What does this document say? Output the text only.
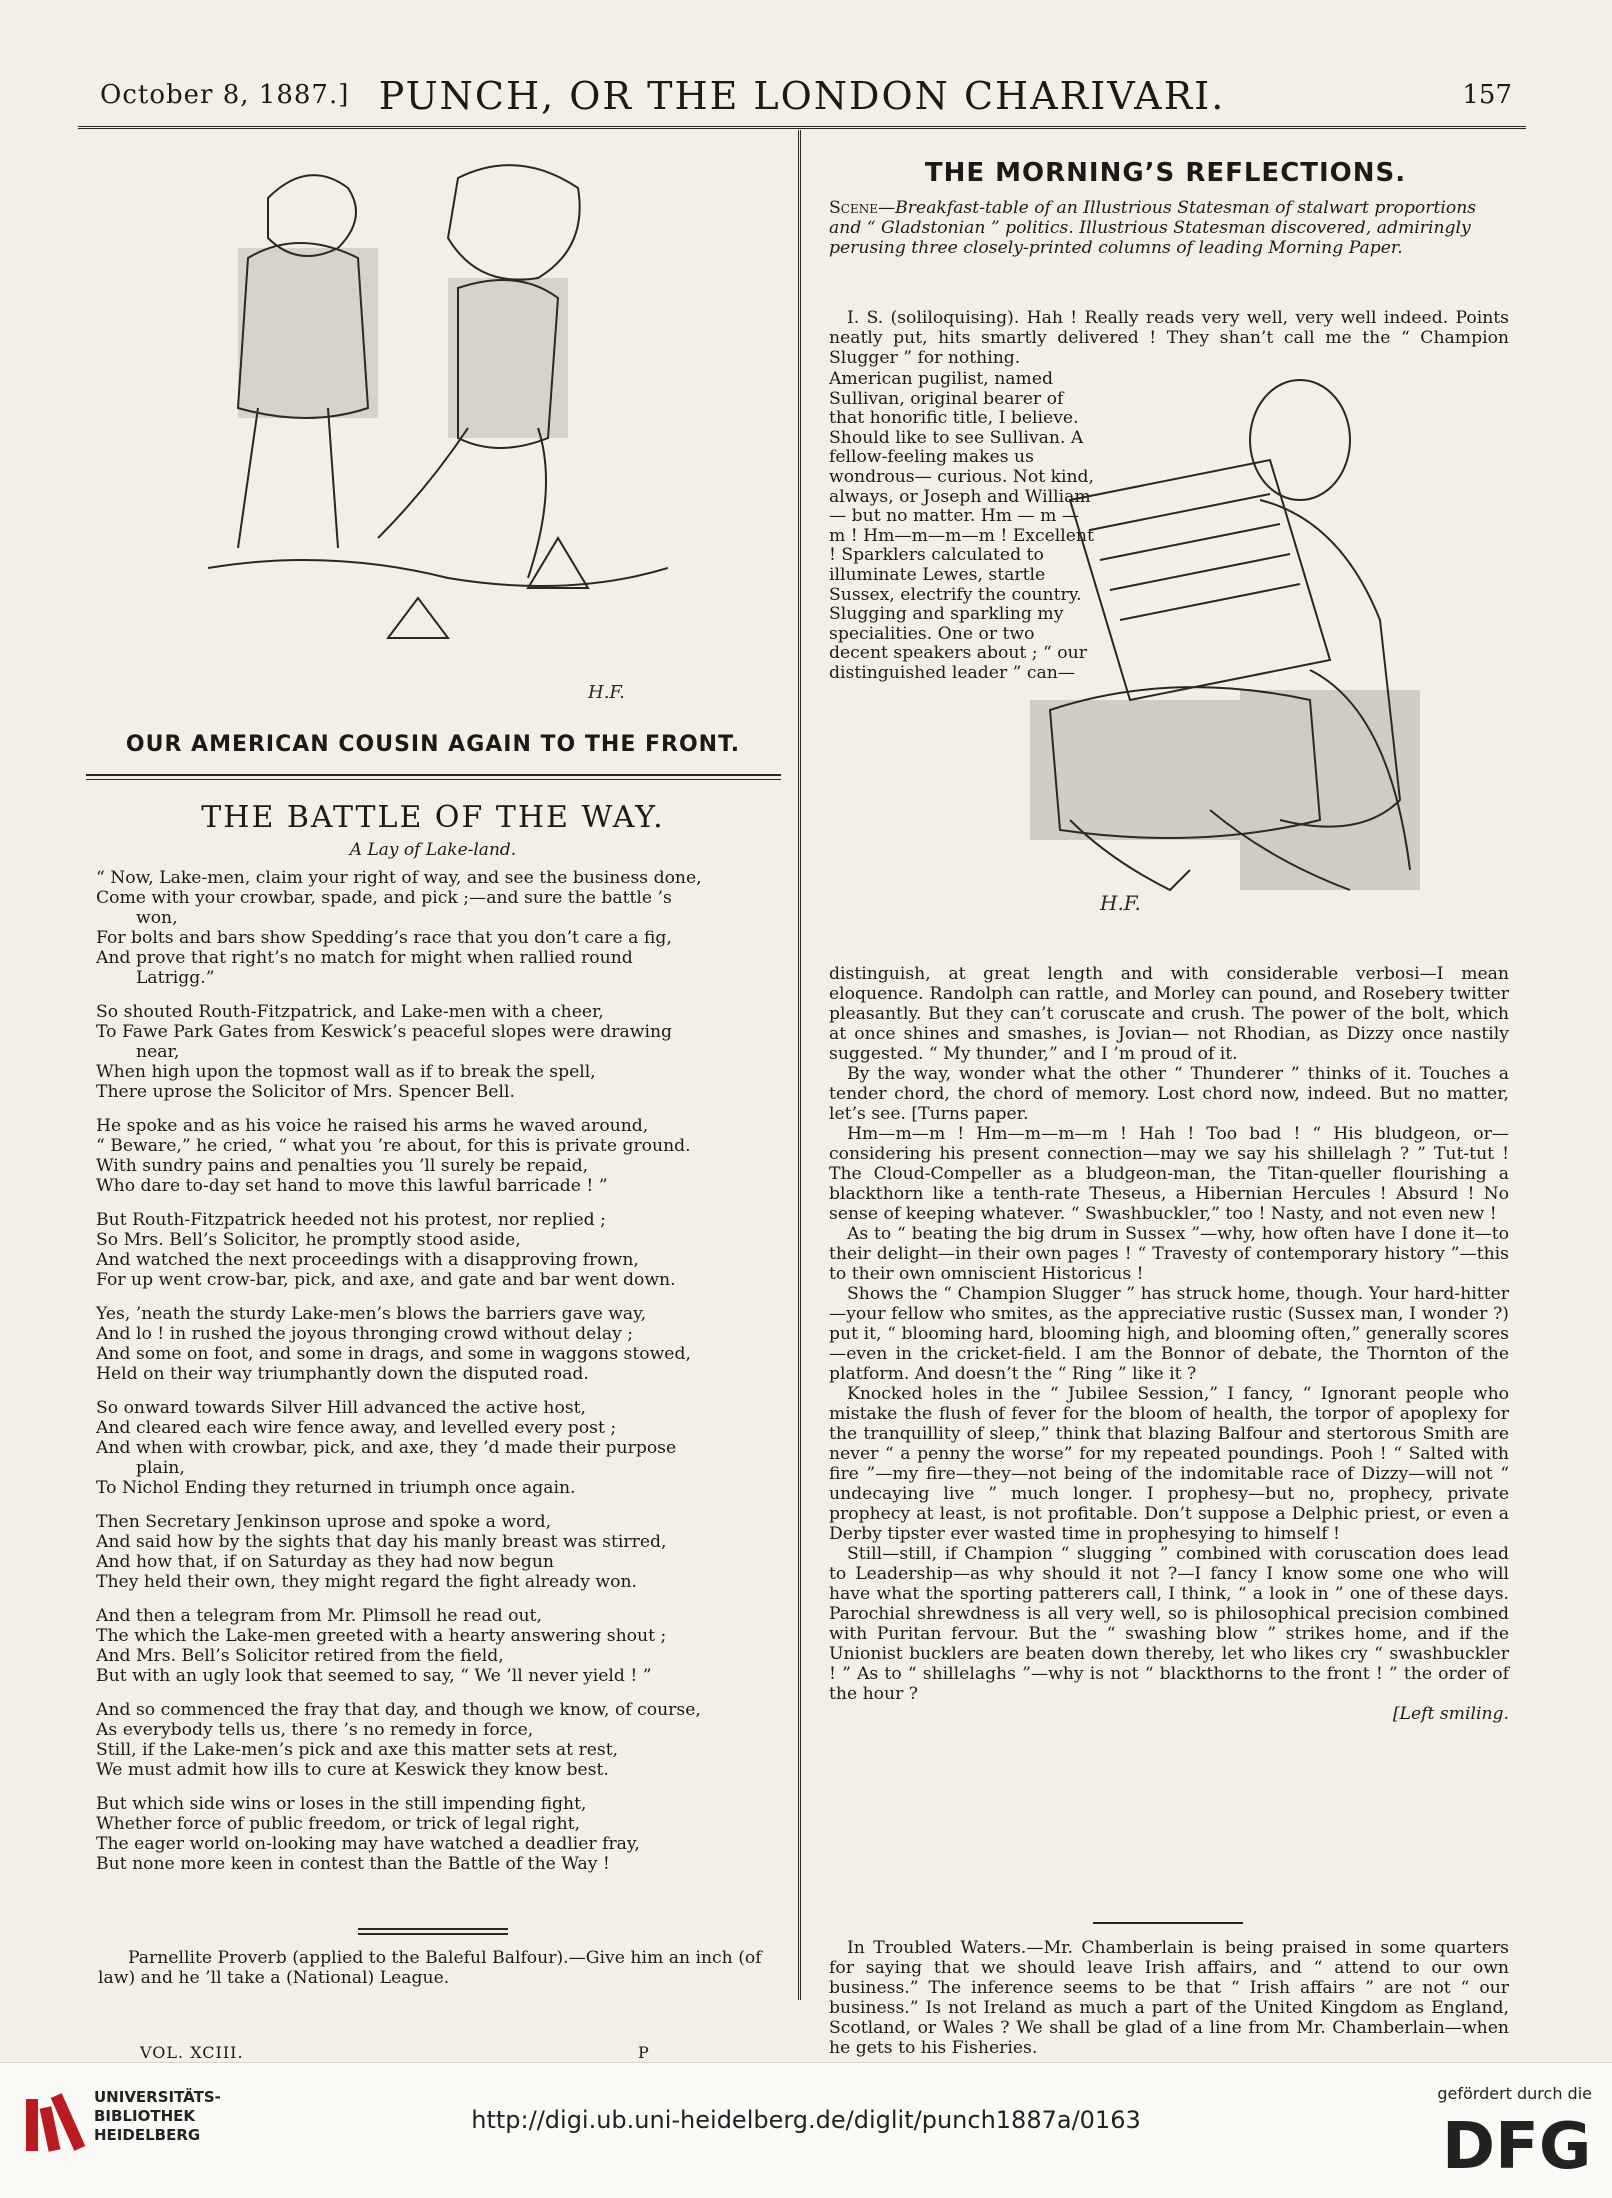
October 8, 1887.] PUNCH, OR THE LONDON CHARIVARI.	157
H.F.
OUR AMERICAN COUSIN AGAIN TO THE FRONT.
THE BATTLE OF THE WAY.
A Lay of Lake-land.

“ Now, Lake-men, claim your right of way, and see the business done,

Come with your crowbar, spade, and pick ;—and sure the battle ’s

won,

For bolts and bars show Spedding’s race that you don’t care a fig,

And prove that right’s no match for might when rallied round

Latrigg.”

So shouted Routh-Fitzpatrick, and Lake-men with a cheer,

To Fawe Park Gates from Keswick’s peaceful slopes were drawing

near,

When high upon the topmost wall as if to break the spell,

There uprose the Solicitor of Mrs. Spencer Bell.

He spoke and as his voice he raised his arms he waved around,

“ Beware,” he cried, “ what you ’re about, for this is private ground.

With sundry pains and penalties you ’ll surely be repaid,

Who dare to-day set hand to move this lawful barricade ! ”

But Routh-Fitzpatrick heeded not his protest, nor replied ;

So Mrs. Bell’s Solicitor, he promptly stood aside,

And watched the next proceedings with a disapproving frown,

For up went crow-bar, pick, and axe, and gate and bar went down.

Yes, ’neath the sturdy Lake-men’s blows the barriers gave way,

And lo ! in rushed the joyous thronging crowd without delay ;

And some on foot, and some in drags, and some in waggons stowed,

Held on their way triumphantly down the disputed road.

So onward towards Silver Hill advanced the active host,

And cleared each wire fence away, and levelled every post ;

And when with crowbar, pick, and axe, they ’d made their purpose

plain,

To Nichol Ending they returned in triumph once again.

Then Secretary Jenkinson uprose and spoke a word,

And said how by the sights that day his manly breast was stirred,

And how that, if on Saturday as they had now begun

They held their own, they might regard the fight already won.

And then a telegram from Mr. Plimsoll he read out,

The which the Lake-men greeted with a hearty answering shout ;

And Mrs. Bell’s Solicitor retired from the field,

But with an ugly look that seemed to say, “ We ’ll never yield ! ”

And so commenced the fray that day, and though we know, of course,

As everybody tells us, there ’s no remedy in force,

Still, if the Lake-men’s pick and axe this matter sets at rest,

We must admit how ills to cure at Keswick they know best.

But which side wins or loses in the still impending fight,

Whether force of public freedom, or trick of legal right,

The eager world on-looking may have watched a deadlier fray,

But none more keen in contest than the Battle of the Way !

Parnellite Proverb (applied to the Baleful Balfour).—Give him an inch (of law) and he ’ll take a (National) League.
THE MORNING’S REFLECTIONS.
Scene—Breakfast-table of an Illustrious Statesman of stalwart proportions and “ Gladstonian ” politics. Illustrious Statesman discovered, admiringly perusing three closely-printed columns of leading Morning Paper.

I. S. (soliloquising). Hah ! Really reads very well, very well indeed. Points neatly put, hits smartly delivered ! They shan’t call me the “ Champion Slugger ” for nothing.

American pugilist, named Sullivan, original bearer of that honorific title, I believe. Should like to see Sullivan. A fellow-feeling makes us wondrous— curious. Not kind, always, or Joseph and William— but no matter. Hm — m — m ! Hm—m—m—m ! Excellent ! Sparklers calculated to illuminate Lewes, startle Sussex, electrify the country. Slugging and sparkling my specialities. One or two decent speakers about ; “ our distinguished leader ” can—

distinguish, at great length and with considerable verbosi—I mean eloquence. Randolph can rattle, and Morley can pound, and Rosebery twitter pleasantly. But they can’t coruscate and crush. The power of the bolt, which at once shines and smashes, is Jovian— not Rhodian, as Dizzy once nastily suggested. “ My thunder,” and I ’m proud of it.

By the way, wonder what the other “ Thunderer ” thinks of it. Touches a tender chord, the chord of memory. Lost chord now, indeed. But no matter, let’s see. [Turns paper.

Hm—m—m ! Hm—m—m—m ! Hah ! Too bad ! “ His bludgeon, or—considering his present connection—may we say his shillelagh ? ” Tut-tut ! The Cloud-Compeller as a bludgeon-man, the Titan-queller flourishing a blackthorn like a tenth-rate Theseus, a Hibernian Hercules ! Absurd ! No sense of keeping whatever. “ Swashbuckler,” too ! Nasty, and not even new !

As to “ beating the big drum in Sussex ”—why, how often have I done it—to their delight—in their own pages ! “ Travesty of contemporary history ”—this to their own omniscient Historicus !

Shows the “ Champion Slugger ” has struck home, though. Your hard-hitter—your fellow who smites, as the appreciative rustic (Sussex man, I wonder ?) put it, “ blooming hard, blooming high, and blooming often,” generally scores—even in the cricket-field. I am the Bonnor of debate, the Thornton of the platform. And doesn’t the “ Ring ” like it ?

Knocked holes in the “ Jubilee Session,” I fancy, “ Ignorant people who mistake the flush of fever for the bloom of health, the torpor of apoplexy for the tranquillity of sleep,” think that blazing Balfour and stertorous Smith are never “ a penny the worse” for my repeated poundings. Pooh ! “ Salted with fire ”—my fire—they—not being of the indomitable race of Dizzy—will not “ undecaying live ” much longer. I prophesy—but no, prophecy, private prophecy at least, is not profitable. Don’t suppose a Delphic priest, or even a Derby tipster ever wasted time in prophesying to himself !

Still—still, if Champion “ slugging ” combined with coruscation does lead to Leadership—as why should it not ?—I fancy I know some one who will have what the sporting patterers call, I think, “ a look in ” one of these days. Parochial shrewdness is all very well, so is philosophical precision combined with Puritan fervour. But the “ swashing blow ” strikes home, and if the Unionist bucklers are beaten down thereby, let who likes cry “ swashbuckler ! ” As to “ shillelaghs ”—why is not “ blackthorns to the front ! ” the order of the hour ?

[Left smiling.

In Troubled Waters.—Mr. Chamberlain is being praised in some quarters for saying that we should leave Irish affairs, and “ attend to our own business.” The inference seems to be that “ Irish affairs ” are not “ our business.” Is not Ireland as much a part of the United Kingdom as England, Scotland, or Wales ? We shall be glad of a line from Mr. Chamberlain—when he gets to his Fisheries.

H.F.
VOL. XCIII.	P
UNIVERSITÄTS-
BIBLIOTHEK
HEIDELBERG
http://digi.ub.uni-heidelberg.de/diglit/punch1887a/0163
gefördert durch die
DFG
